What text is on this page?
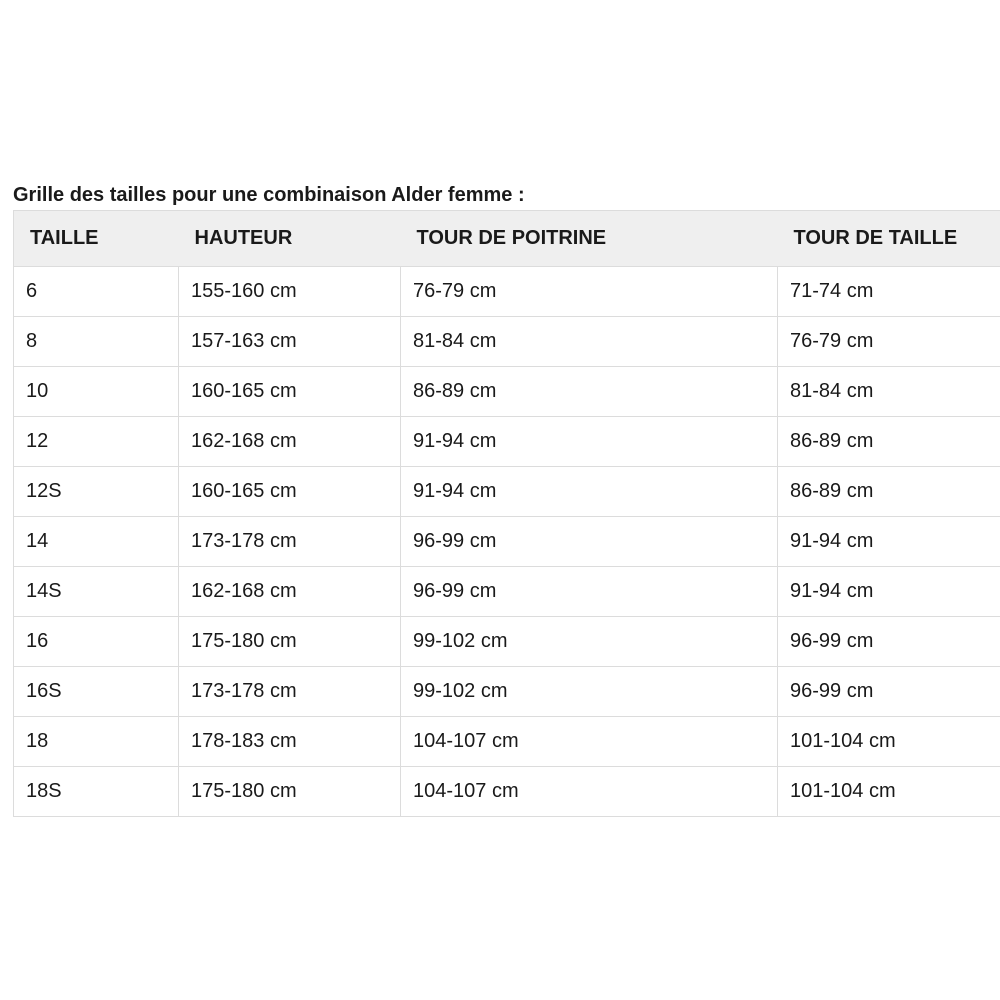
Grille des tailles pour une combinaison Alder femme :
TAILLE	HAUTEUR	TOUR DE POITRINE	TOUR DE TAILLE
6	155-160 cm	76-79 cm	71-74 cm
8	157-163 cm	81-84 cm	76-79 cm
10	160-165 cm	86-89 cm	81-84 cm
12	162-168 cm	91-94 cm	86-89 cm
12S	160-165 cm	91-94 cm	86-89 cm
14	173-178 cm	96-99 cm	91-94 cm
14S	162-168 cm	96-99 cm	91-94 cm
16	175-180 cm	99-102 cm	96-99 cm
16S	173-178 cm	99-102 cm	96-99 cm
18	178-183 cm	104-107 cm	101-104 cm
18S	175-180 cm	104-107 cm	101-104 cm
